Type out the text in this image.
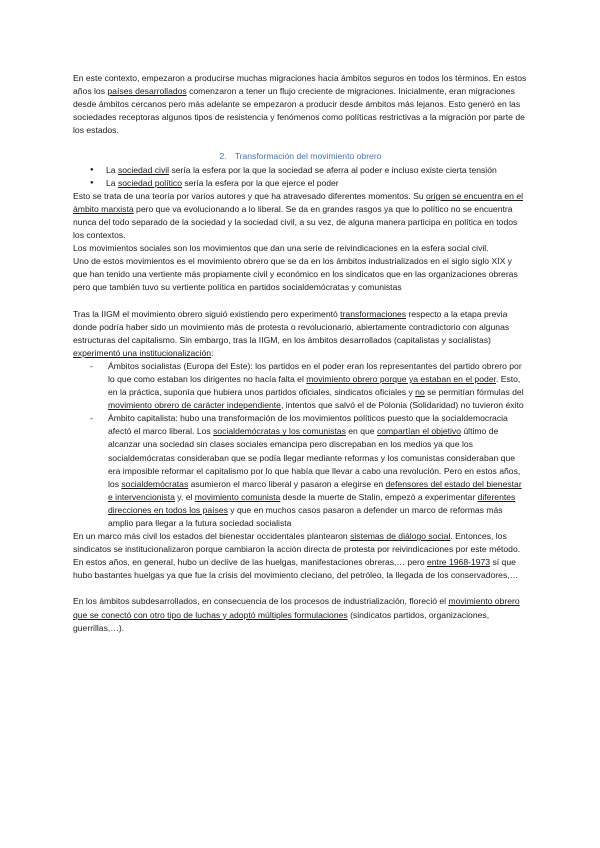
En este contexto, empezaron a producirse muchas migraciones hacia ámbitos seguros en todos los términos. En estos años los países desarrollados comenzaron a tener un flujo creciente de migraciones. Inicialmente, eran migraciones desde ámbitos cercanos pero más adelante se empezaron a producir desde ámbitos más lejanos. Esto generó en las sociedades receptoras algunos tipos de resistencia y fenómenos como políticas restrictivas a la migración por parte de los estados.

2. Transformación del movimiento obrero
● La sociedad civil sería la esfera por la que la sociedad se aferra al poder e incluso existe cierta tensión
● La sociedad político sería la esfera por la que ejerce el poder

Esto se trata de una teoría por varios autores y que ha atravesado diferentes momentos. Su origen se encuentra en el ámbito marxista pero que va evolucionando a lo liberal. Se da en grandes rasgos ya que lo político no se encuentra nunca del todo separado de la sociedad y la sociedad civil, a su vez, de alguna manera participa en política en todos los contextos.

Los movimientos sociales son los movimientos que dan una serie de reivindicaciones en la esfera social civil.

Uno de estos movimientos es el movimiento obrero que se da en los ámbitos industrializados en el siglo siglo XIX y que han tenido una vertiente más propiamente civil y económico en los sindicatos que en las organizaciones obreras pero que también tuvo su vertiente política en partidos socialdemócratas y comunistas

Tras la IIGM el movimiento obrero siguió existiendo pero experimentó transformaciones respecto a la etapa previa donde podría haber sido un movimiento más de protesta o revolucionario, abiertamente contradictorio con algunas estructuras del capitalismo. Sin embargo, tras la IIGM, en los ámbitos desarrollados (capitalistas y socialistas) experimentó una institucionalización:

- Ámbitos socialistas (Europa del Este): los partidos en el poder eran los representantes del partido obrero por lo que como estaban los dirigentes no hacía falta el movimiento obrero porque ya estaban en el poder. Esto, en la práctica, suponía que hubiera unos partidos oficiales, sindicatos oficiales y no se permitían fórmulas del movimiento obrero de carácter independiente, intentos que salvó el de Polonia (Solidaridad) no tuvieron éxito
- Ámbito capitalista: hubo una transformación de los movimientos políticos puesto que la socialdemocracia afectó el marco liberal. Los socialdemócratas y los comunistas en que compartían el objetivo último de alcanzar una sociedad sin clases sociales emancipa pero discrepaban en los medios ya que los socialdemócratas consideraban que se podía llegar mediante reformas y los comunistas consideraban que era imposible reformar el capitalismo por lo que había que llevar a cabo una revolución. Pero en estos años, los socialdemócratas asumieron el marco liberal y pasaron a elegirse en defensores del estado del bienestar e intervencionista y, el movimiento comunista desde la muerte de Stalin, empezó a experimentar diferentes direcciones en todos los países y que en muchos casos pasaron a defender un marco de reformas más amplio para llegar a la futura sociedad socialista

En un marco más civil los estados del bienestar occidentales plantearon sistemas de diálogo social. Entonces, los sindicatos se institucionalizaron porque cambiaron la acción directa de protesta por reivindicaciones por este método. En estos años, en general, hubo un declive de las huelgas, manifestaciones obreras,… pero entre 1968-1973 sí que hubo bastantes huelgas ya que fue la crisis del movimiento cleciano, del petróleo, la llegada de los conservadores,…

En los ámbitos subdesarrollados, en consecuencia de los procesos de industrialización, floreció el movimiento obrero que se conectó con otro tipo de luchas y adoptó múltiples formulaciones (sindicatos partidos, organizaciones, guerrillas,…).
